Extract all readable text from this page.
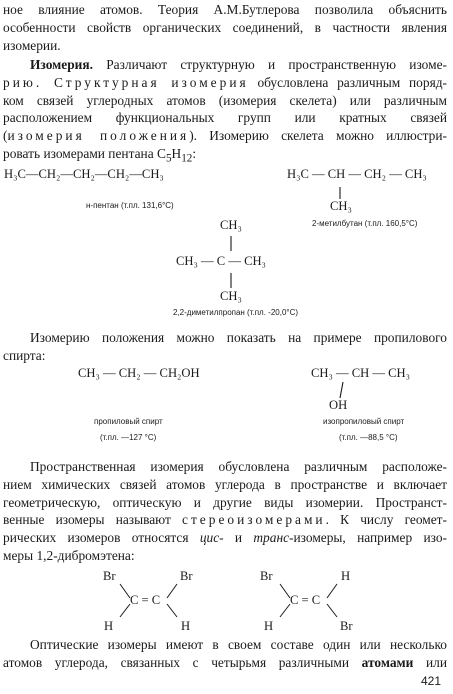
ное влияние атомов. Теория А.М.Бутлерова позволила объяснить
особенности свойств органических соединений, в частности явления
изомерии.
Изомерия. Различают структурную и пространственную изоме-
рию. Структурная изомерия обусловлена различным поряд-
ком связей углеродных атомов (изомерия скелета) или различным
расположением функциональных групп или кратных связей
(изомерия положения). Изомерию скелета можно иллюстри-
ровать изомерами пентана $C_5H_{12}$:
H₃C—CH₂—CH₂—CH₂—CH₃
н-пентан (т.пл. 131,6°С)
H₃C — CH — CH₂ — CH₃
CH₃
2-метилбутан (т.пл. 160,5°С)
CH₃
CH₃ — C — CH₃
CH₃
2,2-диметилпропан (т.пл. -20,0°С)
Изомерию положения можно показать на примере пропилового
спирта:
CH₃ — CH₂ — CH₂OH
пропиловый спирт
(т.пл. —127 °С)
CH₃ — CH — CH₃
OH
изопропиловый спирт
(т.пл. —88,5 °С)
Пространственная изомерия обусловлена различным расположе-
нием химических связей атомов углерода в пространстве и включает
геометрическую, оптическую и другие виды изомерии. Пространст-
венные изомеры называют стереоизомерами. К числу геомет-
рических изомеров относятся цис- и транс-изомеры, например изо-
меры 1,2-дибромэтена:
Br	Br
C = C
H	H
Br	H
C = C
H	Br
Оптические изомеры имеют в своем составе один или несколько
атомов углерода, связанных с четырьмя различными атомами или
421
